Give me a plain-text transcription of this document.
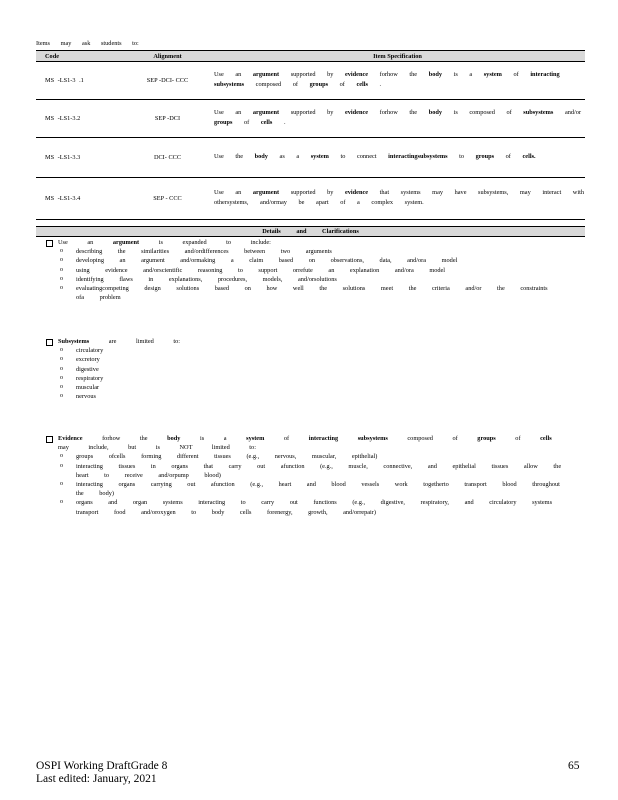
Items may ask students to:
Code	Alignment	Item Specification
MS -LS1-3 .1	SEP -DCI- CCC	Use an argument supported by evidence forhow the body is a system of interacting subsystems composed of groups of cells .
MS -LS1-3.2	SEP -DCI	Use an argument supported by evidence forhow the body is composed of subsystems and/or groups of cells .
MS -LS1-3.3	DCI- CCC	Use the body as a system to connect interactingsubsystems to groups of cells.
MS -LS1-3.4	SEP - CCC	Use an argument supported by evidence that systems may have subsystems, may interact with othersystems, and/ormay be apart of a complex system.
Details and Clarifications
Use an argument is expanded to include:
o describing the similarities and/ordifferences between two arguments
o developing an argument and/ormaking a claim based on observations, data, and/ora model
o using evidence and/orscientific reasoning to support orrefute an explanation and/ora model
o identifying flaws in explanations, procedures, models, and/orsolutions
o evaluatingcompeting design solutions based on how well the solutions meet the criteria and/or the constraints ofa problem
Subsystems are limited to:
o circulatory
o excretory
o digestive
o respiratory
o muscular
o nervous
Evidence forhow the body is a system of interacting	subsystems composed of groups of cells may include, but is NOT limited to:
o groups ofcells forming different tissues (e.g., nervous, muscular, epithelial)
o interacting tissues in organs that carry out afunction (e.g., muscle, connective, and epithelial tissues allow the heart to receive and/orpump blood)
o interacting organs carrying out afunction (e.g., heart and blood vessels work togetherto transport blood throughout the body)
o organs and organ systems interacting to carry out functions (e.g., digestive, respiratory, and circulatory systems transport food and/oroxygen to body cells forenergy, growth, and/orrepair)
OSPI Working DraftGrade 8
Last edited: January, 2021
65
